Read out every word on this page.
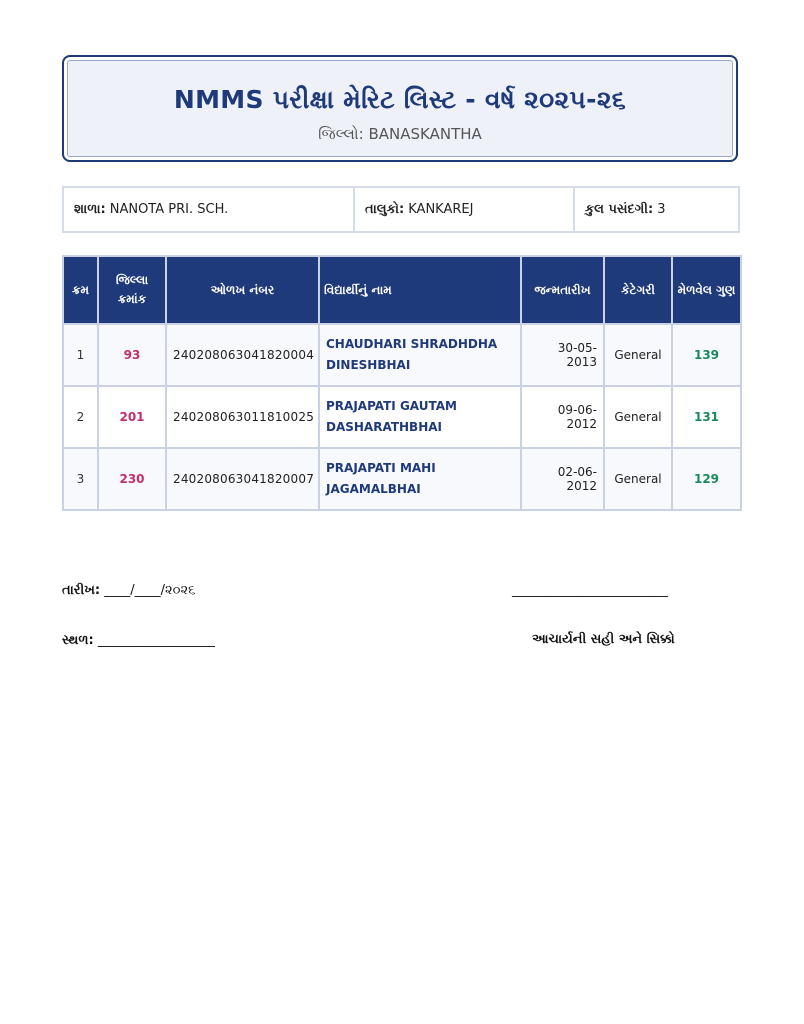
NMMS પરીક્ષા મેરિટ લિસ્ટ - વર્ષ ૨૦૨૫-૨૬
જિલ્લો: BANASKANTHA
શાળા: NANOTA PRI. SCH.	તાલુકો: KANKAREJ	કુલ પસંદગી: 3
ક્રમ	જિલ્લા ક્રમાંક	ઓળખ નંબર	વિદ્યાર્થીનું નામ	જન્મતારીખ	કેટેગરી	મેળવેલ ગુણ
1	93	240208063041820004	CHAUDHARI SHRADHDHA DINESHBHAI	30-05-2013	General	139
2	201	240208063011810025	PRAJAPATI GAUTAM DASHARATHBHAI	09-06-2012	General	131
3	230	240208063041820007	PRAJAPATI MAHI JAGAMALBHAI	02-06-2012	General	129
તારીખ: ____/____/૨૦૨૬
સ્થળ: __________________
________________________
આચાર્યની સહી અને સિક્કો
